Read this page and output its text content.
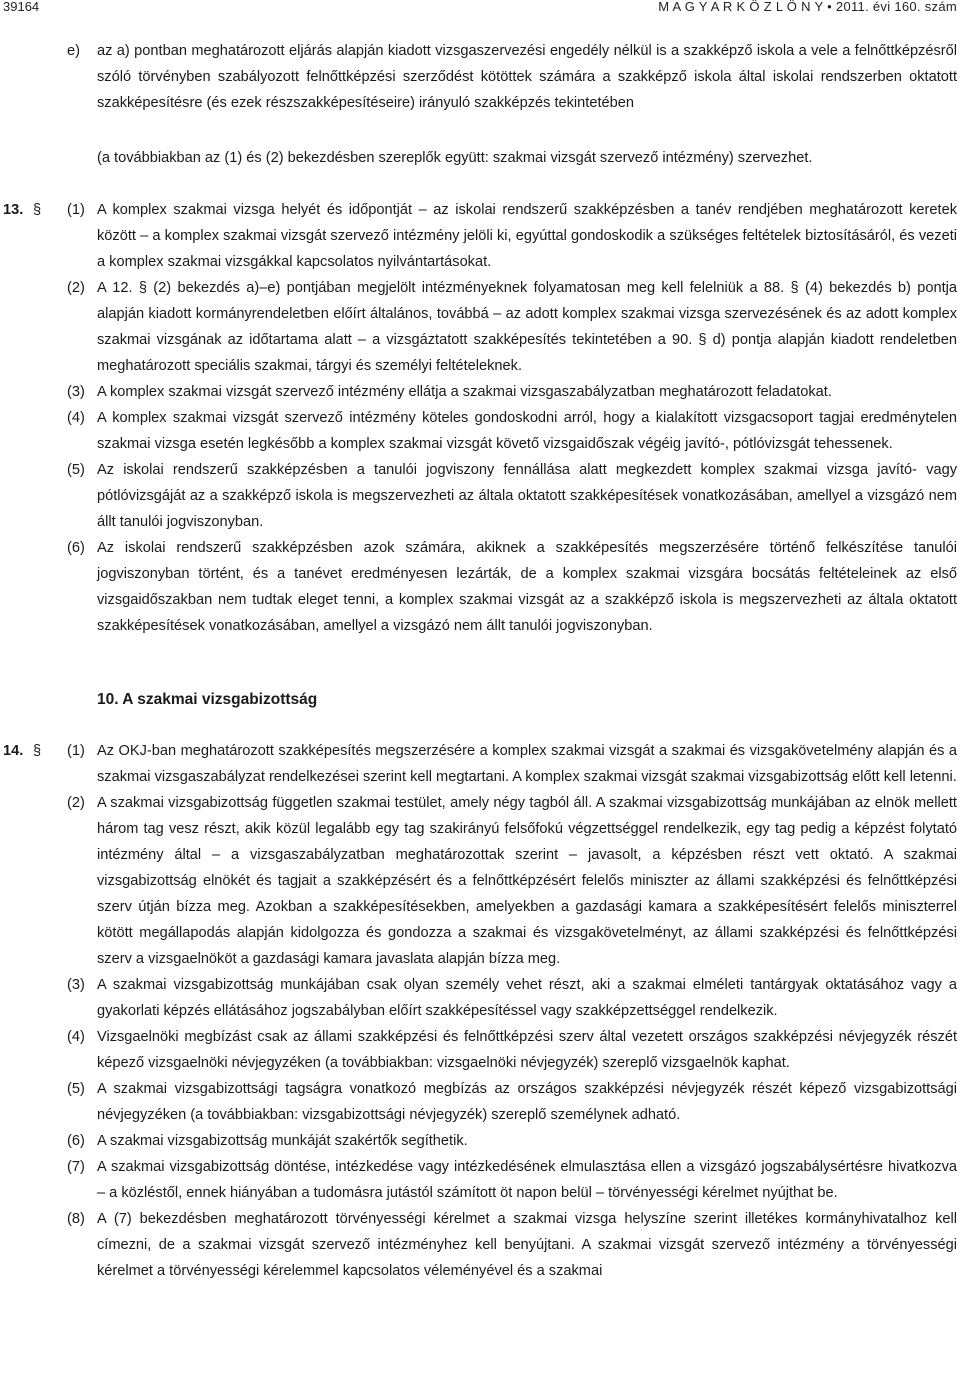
39164	M A G Y A R K Ö Z L Ö N Y • 2011. évi 160. szám
e) az a) pontban meghatározott eljárás alapján kiadott vizsgaszervezési engedély nélkül is a szakképző iskola a vele a felnőttképzésről szóló törvényben szabályozott felnőttképzési szerződést kötöttek számára a szakképző iskola által iskolai rendszerben oktatott szakképesítésre (és ezek részszakképesítéseire) irányuló szakképzés tekintetében
(a továbbiakban az (1) és (2) bekezdésben szereplők együtt: szakmai vizsgát szervező intézmény) szervezhet.
13. § (1) A komplex szakmai vizsga helyét és időpontját – az iskolai rendszerű szakképzésben a tanév rendjében meghatározott keretek között – a komplex szakmai vizsgát szervező intézmény jelöli ki, egyúttal gondoskodik a szükséges feltételek biztosításáról, és vezeti a komplex szakmai vizsgákkal kapcsolatos nyilvántartásokat.
(2) A 12. § (2) bekezdés a)–e) pontjában megjelölt intézményeknek folyamatosan meg kell felelniük a 88. § (4) bekezdés b) pontja alapján kiadott kormányrendeletben előírt általános, továbbá – az adott komplex szakmai vizsga szervezésének és az adott komplex szakmai vizsgának az időtartama alatt – a vizsgáztatott szakképesítés tekintetében a 90. § d) pontja alapján kiadott rendeletben meghatározott speciális szakmai, tárgyi és személyi feltételeknek.
(3) A komplex szakmai vizsgát szervező intézmény ellátja a szakmai vizsgaszabályzatban meghatározott feladatokat.
(4) A komplex szakmai vizsgát szervező intézmény köteles gondoskodni arról, hogy a kialakított vizsgacsoport tagjai eredménytelen szakmai vizsga esetén legkésőbb a komplex szakmai vizsgát követő vizsgaidőszak végéig javító-, pótlóvizsgát tehessenek.
(5) Az iskolai rendszerű szakképzésben a tanulói jogviszony fennállása alatt megkezdett komplex szakmai vizsga javító- vagy pótlóvizsgáját az a szakképző iskola is megszervezheti az általa oktatott szakképesítések vonatkozásában, amellyel a vizsgázó nem állt tanulói jogviszonyban.
(6) Az iskolai rendszerű szakképzésben azok számára, akiknek a szakképesítés megszerzésére történő felkészítése tanulói jogviszonyban történt, és a tanévet eredményesen lezárták, de a komplex szakmai vizsgára bocsátás feltételeinek az első vizsgaidőszakban nem tudtak eleget tenni, a komplex szakmai vizsgát az a szakképző iskola is megszervezheti az általa oktatott szakképesítések vonatkozásában, amellyel a vizsgázó nem állt tanulói jogviszonyban.
10. A szakmai vizsgabizottság
14. § (1) Az OKJ-ban meghatározott szakképesítés megszerzésére a komplex szakmai vizsgát a szakmai és vizsgakövetelmény alapján és a szakmai vizsgaszabályzat rendelkezései szerint kell megtartani. A komplex szakmai vizsgát szakmai vizsgabizottság előtt kell letenni.
(2) A szakmai vizsgabizottság független szakmai testület, amely négy tagból áll. A szakmai vizsgabizottság munkájában az elnök mellett három tag vesz részt, akik közül legalább egy tag szakirányú felsőfokú végzettséggel rendelkezik, egy tag pedig a képzést folytató intézmény által – a vizsgaszabályzatban meghatározottak szerint – javasolt, a képzésben részt vett oktató. A szakmai vizsgabizottság elnökét és tagjait a szakképzésért és a felnőttképzésért felelős miniszter az állami szakképzési és felnőttképzési szerv útján bízza meg. Azokban a szakképesítésekben, amelyekben a gazdasági kamara a szakképesítésért felelős miniszterrel kötött megállapodás alapján kidolgozza és gondozza a szakmai és vizsgakövetelményt, az állami szakképzési és felnőttképzési szerv a vizsgaelnököt a gazdasági kamara javaslata alapján bízza meg.
(3) A szakmai vizsgabizottság munkájában csak olyan személy vehet részt, aki a szakmai elméleti tantárgyak oktatásához vagy a gyakorlati képzés ellátásához jogszabályban előírt szakképesítéssel vagy szakképzettséggel rendelkezik.
(4) Vizsgaelnöki megbízást csak az állami szakképzési és felnőttképzési szerv által vezetett országos szakképzési névjegyzék részét képező vizsgaelnöki névjegyzéken (a továbbiakban: vizsgaelnöki névjegyzék) szereplő vizsgaelnök kaphat.
(5) A szakmai vizsgabizottsági tagságra vonatkozó megbízás az országos szakképzési névjegyzék részét képező vizsgabizottsági névjegyzéken (a továbbiakban: vizsgabizottsági névjegyzék) szereplő személynek adható.
(6) A szakmai vizsgabizottság munkáját szakértők segíthetik.
(7) A szakmai vizsgabizottság döntése, intézkedése vagy intézkedésének elmulasztása ellen a vizsgázó jogszabálysértésre hivatkozva – a közléstől, ennek hiányában a tudomásra jutástól számított öt napon belül – törvényességi kérelmet nyújthat be.
(8) A (7) bekezdésben meghatározott törvényességi kérelmet a szakmai vizsga helyszíne szerint illetékes kormányhivatalhoz kell címezni, de a szakmai vizsgát szervező intézményhez kell benyújtani. A szakmai vizsgát szervező intézmény a törvényességi kérelmet a törvényességi kérelemmel kapcsolatos véleményével és a szakmai
